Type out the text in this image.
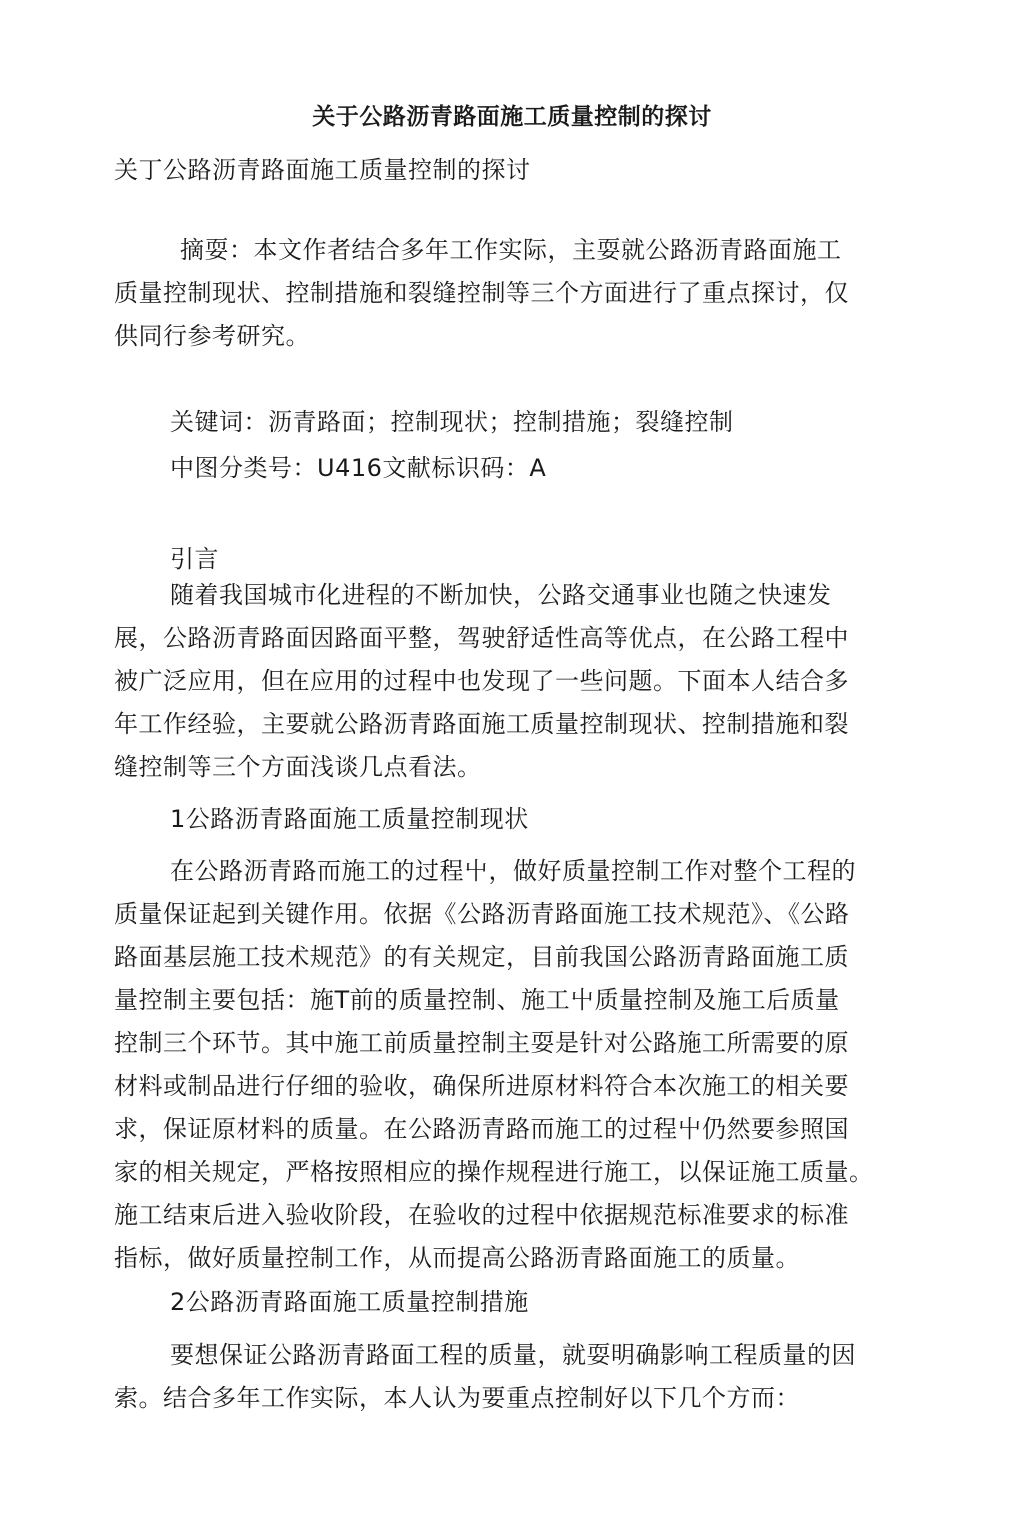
关于公路沥青路面施工质量控制的探讨
关丁公路沥青路面施工质量控制的探讨
摘耍：本文作者结合多年工作实际，主耍就公路沥青路面施工
质量控制现状、控制措施和裂缝控制等三个方面进行了重点探讨，仅
供同行参考研究。
关键词：沥青路面；控制现状；控制措施；裂缝控制
中图分类号：U416文献标识码：A
引言
随着我国城市化进程的不断加快，公路交通事业也随之快速发
展，公路沥青路面因路面平整，驾驶舒适性高等优点，在公路工程中
被广泛应用，但在应用的过程中也发现了一些问题。下面本人结合多
年工作经验，主要就公路沥青路面施工质量控制现状、控制措施和裂
缝控制等三个方面浅谈几点看法。
1公路沥青路面施工质量控制现状
在公路沥青路而施工的过程屮，做好质量控制工作对整个工程的
质量保证起到关键作用。依据《公路沥青路面施工技术规范》、《公路
路面基层施工技术规范》的有关规定，目前我国公路沥青路面施工质
量控制主要包括：施T前的质量控制、施工屮质量控制及施工后质量
控制三个环节。其中施工前质量控制主耍是针对公路施工所需要的原
材料或制品进行仔细的验收，确保所进原材料符合本次施工的相关要
求，保证原材料的质量。在公路沥青路而施工的过程屮仍然要参照国
家的相关规定，严格按照相应的操作规程进行施工，以保证施工质量。
施工结束后进入验收阶段，在验收的过程中依据规范标准要求的标准
指标，做好质量控制工作，从而提高公路沥青路面施工的质量。
2公路沥青路面施工质量控制措施
要想保证公路沥青路面工程的质量，就耍明确影响工程质量的因
索。结合多年工作实际，本人认为要重点控制好以下几个方而：
